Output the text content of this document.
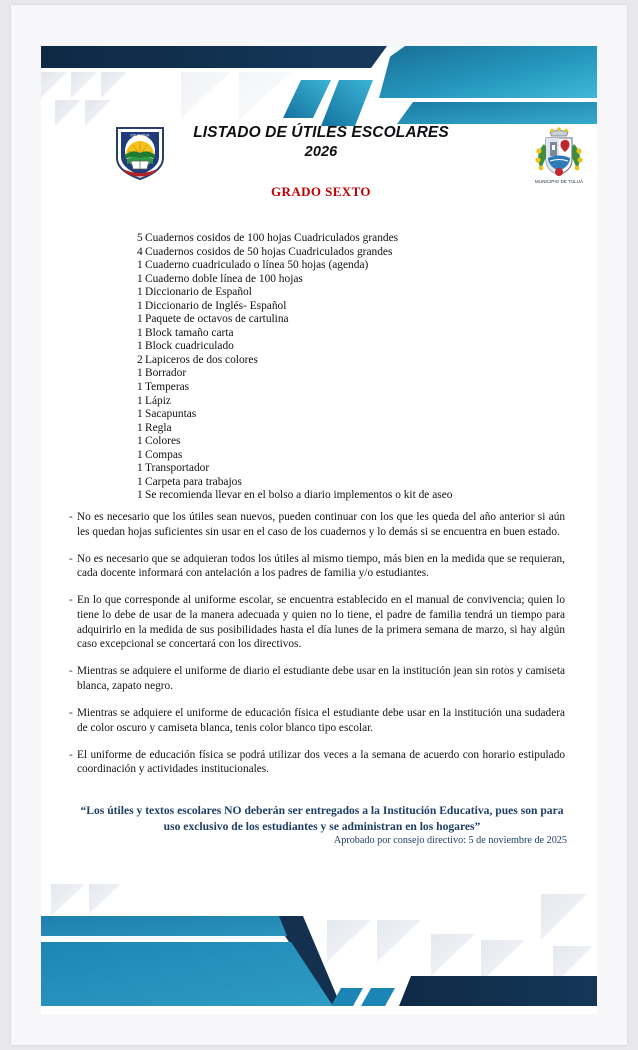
EDUCATIVA	LISTADO DE ÚTILES ESCOLARES
2026
GRADO SEXTO
MUNICIPIO DE TULUÁ
5 Cuadernos cosidos de 100 hojas Cuadriculados grandes
4 Cuadernos cosidos de 50 hojas Cuadriculados grandes
1 Cuaderno cuadriculado o línea 50 hojas (agenda)
1 Cuaderno doble línea de 100 hojas
1 Diccionario de Español
1 Diccionario de Inglés- Español
1 Paquete de octavos de cartulina
1 Block tamaño carta
1 Block cuadriculado
2 Lapiceros de dos colores
1 Borrador
1 Temperas
1 Lápiz
1 Sacapuntas
1 Regla
1 Colores
1 Compas
1 Transportador
1 Carpeta para trabajos
1 Se recomienda llevar en el bolso a diario implementos o kit de aseo
- No es necesario que los útiles sean nuevos, pueden continuar con los que les queda del año anterior si aún les quedan hojas suficientes sin usar en el caso de los cuadernos y lo demás si se encuentra en buen estado.
- No es necesario que se adquieran todos los útiles al mismo tiempo, más bien en la medida que se requieran, cada docente informará con antelación a los padres de familia y/o estudiantes.
- En lo que corresponde al uniforme escolar, se encuentra establecido en el manual de convivencia; quien lo tiene lo debe de usar de la manera adecuada y quien no lo tiene, el padre de familia tendrá un tiempo para adquirirlo en la medida de sus posibilidades hasta el día lunes de la primera semana de marzo, si hay algún caso excepcional se concertará con los directivos.
- Mientras se adquiere el uniforme de diario el estudiante debe usar en la institución jean sin rotos y camiseta blanca, zapato negro.
- Mientras se adquiere el uniforme de educación física el estudiante debe usar en la institución una sudadera de color oscuro y camiseta blanca, tenis color blanco tipo escolar.
- El uniforme de educación física se podrá utilizar dos veces a la semana de acuerdo con horario estipulado coordinación y actividades institucionales.
“Los útiles y textos escolares NO deberán ser entregados a la Institución Educativa, pues son para uso exclusivo de los estudiantes y se administran en los hogares”
Aprobado por consejo directivo: 5 de noviembre de 2025
